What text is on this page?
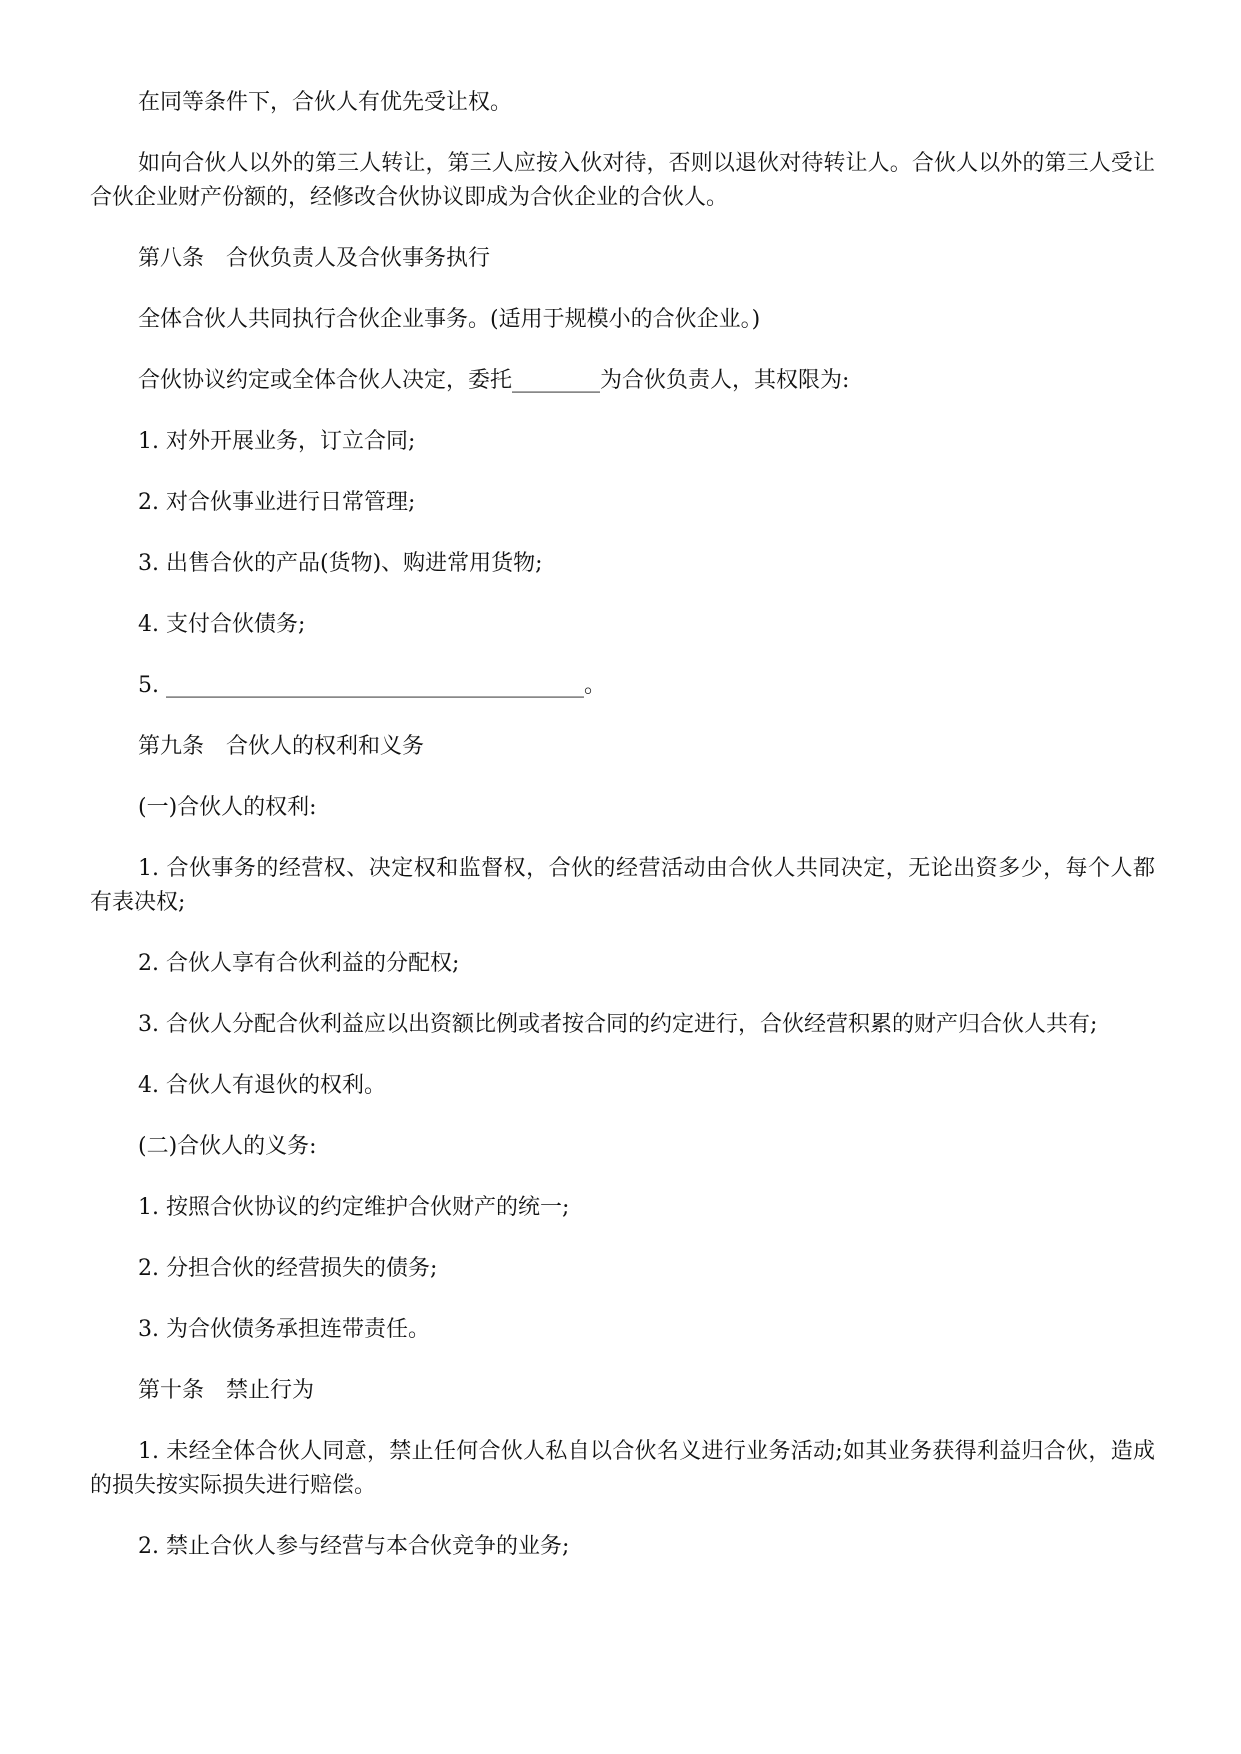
在同等条件下，合伙人有优先受让权。

如向合伙人以外的第三人转让，第三人应按入伙对待，否则以退伙对待转让人。合伙人以外的第三人受让合伙企业财产份额的，经修改合伙协议即成为合伙企业的合伙人。

第八条　合伙负责人及合伙事务执行

全体合伙人共同执行合伙企业事务。(适用于规模小的合伙企业。)

合伙协议约定或全体合伙人决定，委托________为合伙负责人，其权限为:

1. 对外开展业务，订立合同;

2. 对合伙事业进行日常管理;

3. 出售合伙的产品(货物)、购进常用货物;

4. 支付合伙债务;

5. ______________________________________。

第九条　合伙人的权利和义务

(一)合伙人的权利:

1. 合伙事务的经营权、决定权和监督权，合伙的经营活动由合伙人共同决定，无论出资多少，每个人都有表决权;

2. 合伙人享有合伙利益的分配权;

3. 合伙人分配合伙利益应以出资额比例或者按合同的约定进行，合伙经营积累的财产归合伙人共有;

4. 合伙人有退伙的权利。

(二)合伙人的义务:

1. 按照合伙协议的约定维护合伙财产的统一;

2. 分担合伙的经营损失的债务;

3. 为合伙债务承担连带责任。

第十条　禁止行为

1. 未经全体合伙人同意，禁止任何合伙人私自以合伙名义进行业务活动;如其业务获得利益归合伙，造成的损失按实际损失进行赔偿。

2. 禁止合伙人参与经营与本合伙竞争的业务;
